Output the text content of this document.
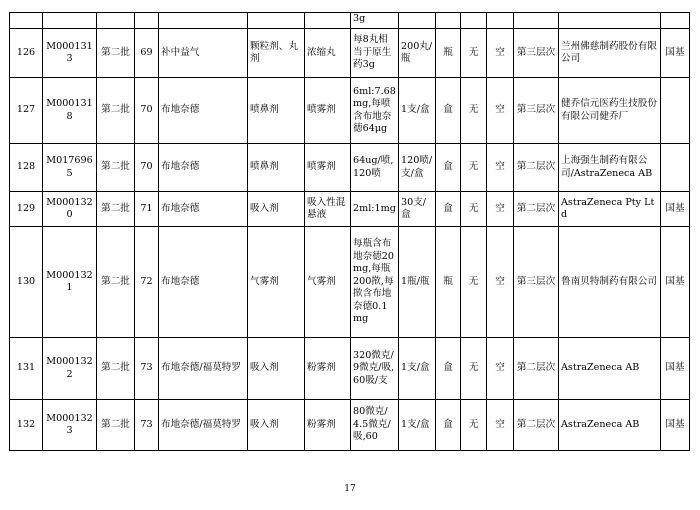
							3g							
126	M0001313	第二批	69	补中益气	颗粒剂、丸剂	浓缩丸	每8丸相当于原生药3g	200丸/瓶	瓶	无	空	第三层次	兰州佛慈制药股份有限公司	国基
127	M0001318	第二批	70	布地奈德	喷鼻剂	喷雾剂	6ml:7.68mg,每喷含布地奈德64μg	1支/盒	盒	无	空	第三层次	健乔信元医药生技股份有限公司健乔厂	
128	M0176965	第二批	70	布地奈德	喷鼻剂	喷雾剂	64ug/喷,120喷	120喷/支/盒	盒	无	空	第二层次	上海强生制药有限公司/AstraZeneca AB	
129	M0001320	第二批	71	布地奈德	吸入剂	吸入性混悬液	2ml:1mg	30支/盒	盒	无	空	第二层次	AstraZeneca Pty Ltd	国基
130	M0001321	第二批	72	布地奈德	气雾剂	气雾剂	每瓶含布地奈德20mg,每瓶200揿,每揿含布地奈德0.1mg	1瓶/瓶	瓶	无	空	第三层次	鲁南贝特制药有限公司	国基
131	M0001322	第二批	73	布地奈德/福莫特罗	吸入剂	粉雾剂	320微克/9微克/吸,60吸/支	1支/盒	盒	无	空	第二层次	AstraZeneca AB	国基
132	M0001323	第二批	73	布地奈德/福莫特罗	吸入剂	粉雾剂	80微克/4.5微克/吸,60	1支/盒	盒	无	空	第二层次	AstraZeneca AB	国基
17
